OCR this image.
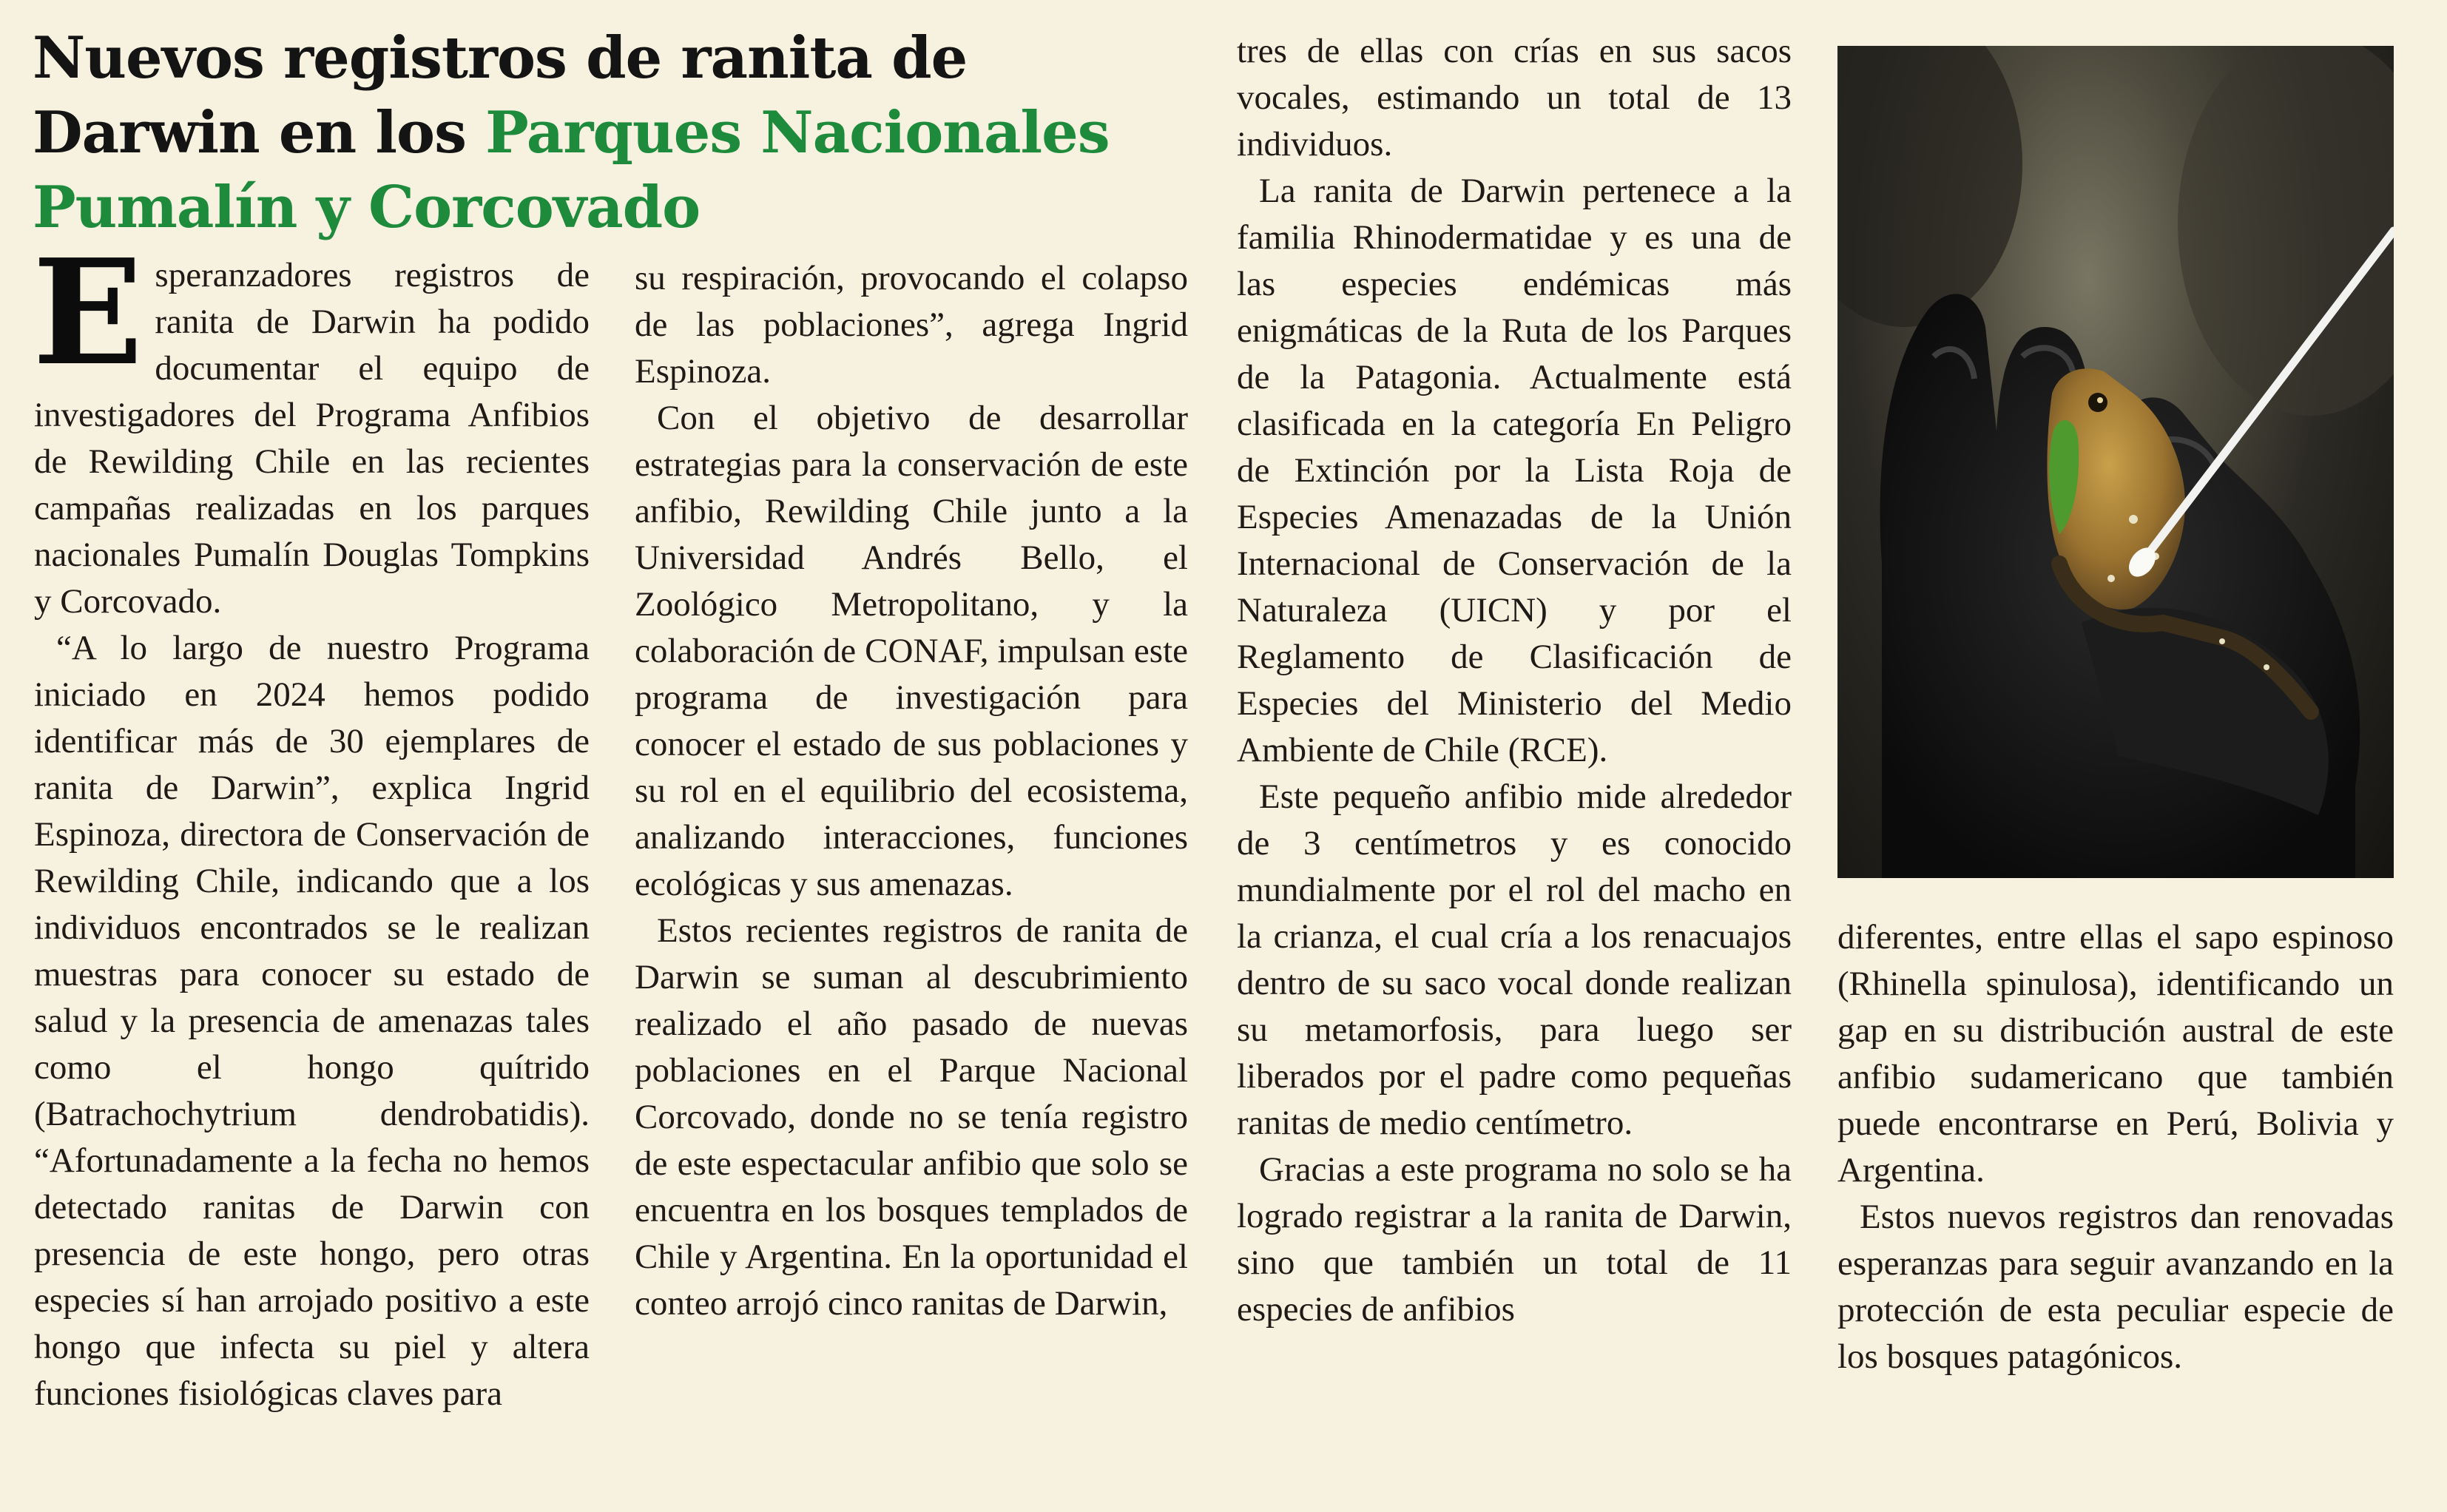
Nuevos registros de ranita de
Darwin en los Parques Nacionales
Pumalín y Corcovado

Esperanzadores registros de ranita de Darwin ha podido documentar el equipo de investigadores del Programa Anfibios de Rewilding Chile en las recientes campañas realizadas en los parques nacionales Pumalín Douglas Tompkins y Corcovado.

“A lo largo de nuestro Programa iniciado en 2024 hemos podido identificar más de 30 ejemplares de ranita de Darwin”, explica Ingrid Espinoza, directora de Conservación de Rewilding Chile, indicando que a los individuos encontrados se le realizan muestras para conocer su estado de salud y la presencia de amenazas tales como el hongo quítrido (Batrachochytrium dendrobatidis). “Afortunadamente a la fecha no hemos detectado ranitas de Darwin con presencia de este hongo, pero otras especies sí han arrojado positivo a este hongo que infecta su piel y altera funciones fisiológicas claves para

su respiración, provocando el colapso de las poblaciones”, agrega Ingrid Espinoza.

Con el objetivo de desarrollar estrategias para la conservación de este anfibio, Rewilding Chile junto a la Universidad Andrés Bello, el Zoológico Metropolitano, y la colaboración de CONAF, impulsan este programa de investigación para conocer el estado de sus poblaciones y su rol en el equilibrio del ecosistema, analizando interacciones, funciones ecológicas y sus amenazas.

Estos recientes registros de ranita de Darwin se suman al descubrimiento realizado el año pasado de nuevas poblaciones en el Parque Nacional Corcovado, donde no se tenía registro de este espectacular anfibio que solo se encuentra en los bosques templados de Chile y Argentina. En la oportunidad el conteo arrojó cinco ranitas de Darwin,

tres de ellas con crías en sus sacos vocales, estimando un total de 13 individuos.

La ranita de Darwin pertenece a la familia Rhinodermatidae y es una de las especies endémicas más enigmáticas de la Ruta de los Parques de la Patagonia. Actualmente está clasificada en la categoría En Peligro de Extinción por la Lista Roja de Especies Amenazadas de la Unión Internacional de Conservación de la Naturaleza (UICN) y por el Reglamento de Clasificación de Especies del Ministerio del Medio Ambiente de Chile (RCE).

Este pequeño anfibio mide alrededor de 3 centímetros y es conocido mundialmente por el rol del macho en la crianza, el cual cría a los renacuajos dentro de su saco vocal donde realizan su metamorfosis, para luego ser liberados por el padre como pequeñas ranitas de medio centímetro.

Gracias a este programa no solo se ha logrado registrar a la ranita de Darwin, sino que también un total de 11 especies de anfibios

diferentes, entre ellas el sapo espinoso (Rhinella spinulosa), identificando un gap en su distribución austral de este anfibio sudamericano que también puede encontrarse en Perú, Bolivia y Argentina.

Estos nuevos registros dan renovadas esperanzas para seguir avanzando en la protección de esta peculiar especie de los bosques patagónicos.
